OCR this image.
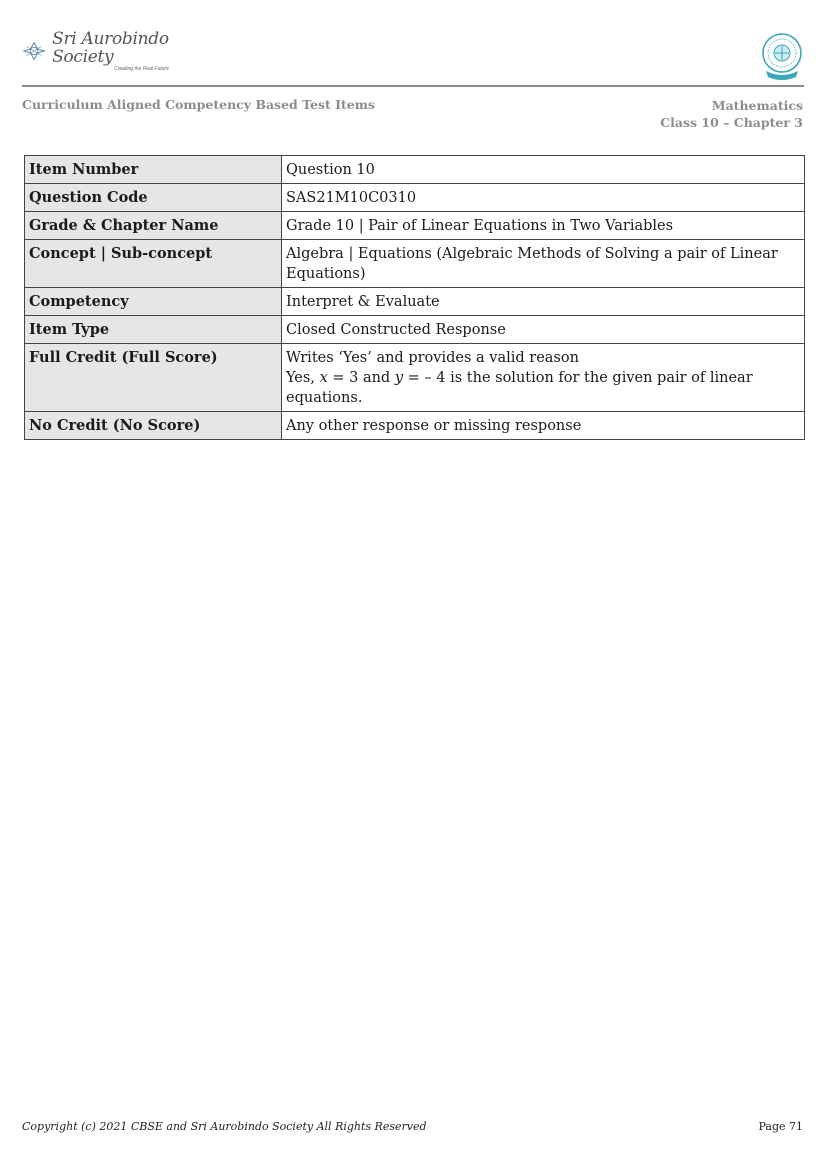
Sri Aurobindo Society
Creating the Real Future
Curriculum Aligned Competency Based Test Items	Mathematics
Class 10 – Chapter 3
Item Number	Question 10
Question Code	SAS21M10C0310
Grade & Chapter Name	Grade 10 | Pair of Linear Equations in Two Variables
Concept | Sub-concept	Algebra | Equations (Algebraic Methods of Solving a pair of Linear Equations)
Competency	Interpret & Evaluate
Item Type	Closed Constructed Response
Full Credit (Full Score)	Writes ‘Yes’ and provides a valid reason
Yes, x = 3 and y = – 4 is the solution for the given pair of linear equations.

No Credit (No Score)	Any other response or missing response
Copyright (c) 2021 CBSE and Sri Aurobindo Society All Rights Reserved	Page 71
